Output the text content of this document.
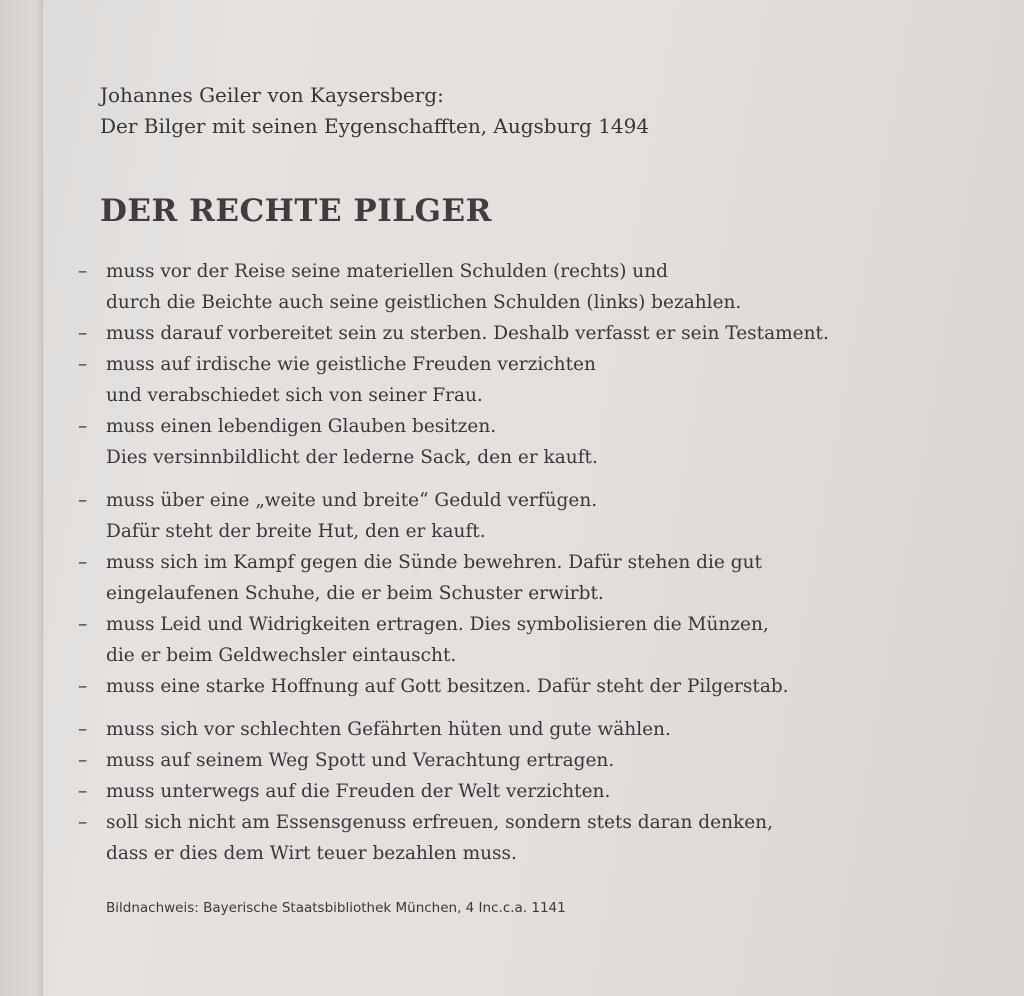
Johannes Geiler von Kaysersberg:
Der Bilger mit seinen Eygenschafften, Augsburg 1494
DER RECHTE PILGER
– muss vor der Reise seine materiellen Schulden (rechts) und
durch die Beichte auch seine geistlichen Schulden (links) bezahlen.
– muss darauf vorbereitet sein zu sterben. Deshalb verfasst er sein Testament.
– muss auf irdische wie geistliche Freuden verzichten
und verabschiedet sich von seiner Frau.
– muss einen lebendigen Glauben besitzen.
Dies versinnbildlicht der lederne Sack, den er kauft.
– muss über eine „weite und breite“ Geduld verfügen.
Dafür steht der breite Hut, den er kauft.
– muss sich im Kampf gegen die Sünde bewehren. Dafür stehen die gut
eingelaufenen Schuhe, die er beim Schuster erwirbt.
– muss Leid und Widrigkeiten ertragen. Dies symbolisieren die Münzen,
die er beim Geldwechsler eintauscht.
– muss eine starke Hoffnung auf Gott besitzen. Dafür steht der Pilgerstab.
– muss sich vor schlechten Gefährten hüten und gute wählen.
– muss auf seinem Weg Spott und Verachtung ertragen.
– muss unterwegs auf die Freuden der Welt verzichten.
– soll sich nicht am Essensgenuss erfreuen, sondern stets daran denken,
dass er dies dem Wirt teuer bezahlen muss.
Bildnachweis: Bayerische Staatsbibliothek München, 4 Inc.c.a. 1141
